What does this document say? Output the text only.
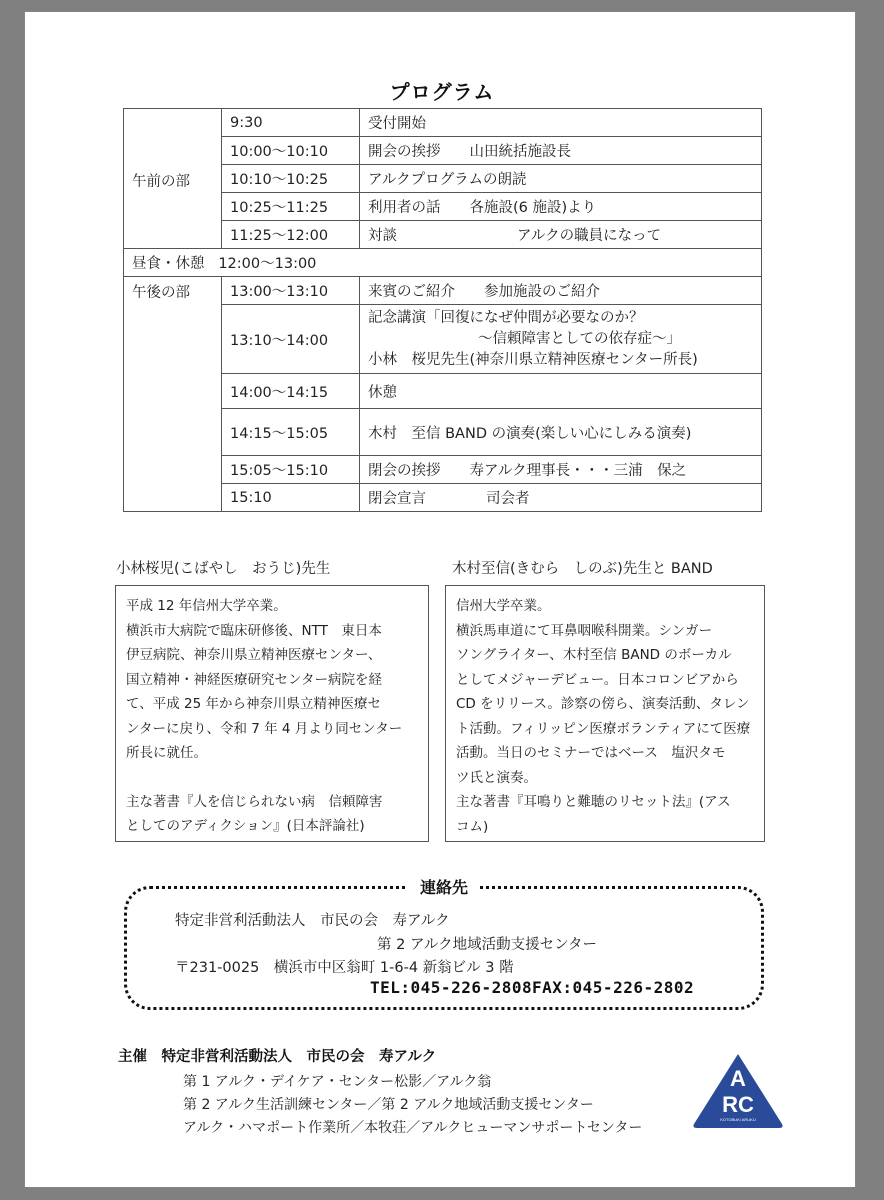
プログラム
午前の部	9:30	受付開始
	10:00〜10:10	開会の挨拶　　山田統括施設長
	10:10〜10:25	アルクプログラムの朗読
	10:25〜11:25	利用者の話　　各施設(6 施設)より
	11:25〜12:00	対談 アルクの職員になって
昼食・休憩 12:00〜13:00		
午後の部	13:00〜13:10	来賓のご紹介　　参加施設のご紹介
	13:10〜14:00	記念講演「回復になぜ仲間が必要なのか？
〜信頼障害としての依存症〜」
小林　桜児先生(神奈川県立精神医療センター所長)

	14:00〜14:15	休憩
	14:15〜15:05	木村　至信 BAND の演奏(楽しい心にしみる演奏)
	15:05〜15:10	閉会の挨拶　　寿アルク理事長・・・三浦　保之
	15:10	閉会宣言 司会者
小林桜児(こばやし　おうじ)先生
平成 12 年信州大学卒業。
横浜市大病院で臨床研修後、NTT　東日本
伊豆病院、神奈川県立精神医療センター、
国立精神・神経医療研究センター病院を経
て、平成 25 年から神奈川県立精神医療セ
ンターに戻り、令和 7 年 4 月より同センター
所長に就任。
主な著書『人を信じられない病　信頼障害
としてのアディクション』(日本評論社)
木村至信(きむら　しのぶ)先生と BAND
信州大学卒業。
横浜馬車道にて耳鼻咽喉科開業。シンガー
ソングライター、木村至信 BAND のボーカル
としてメジャーデビュー。日本コロンビアから
CD をリリース。診察の傍ら、演奏活動、タレン
ト活動。フィリッピン医療ボランティアにて医療
活動。当日のセミナーではベース　塩沢タモ
ツ氏と演奏。
主な著書『耳鳴りと難聴のリセット法』(アス
コム)
連絡先
特定非営利活動法人　市民の会　寿アルク
第 2 アルク地域活動支援センター
〒231-0025　横浜市中区翁町 1-6-4 新翁ビル 3 階
TEL:045-226-2808 FAX:045-226-2802
主催　特定非営利活動法人　市民の会　寿アルク
第 1 アルク・デイケア・センター松影／アルク翁
第 2 アルク生活訓練センター／第 2 アルク地域活動支援センター
アルク・ハマポート作業所／本牧荘／アルクヒューマンサポートセンター
A
RC
KOTOBUKI ARUKU
